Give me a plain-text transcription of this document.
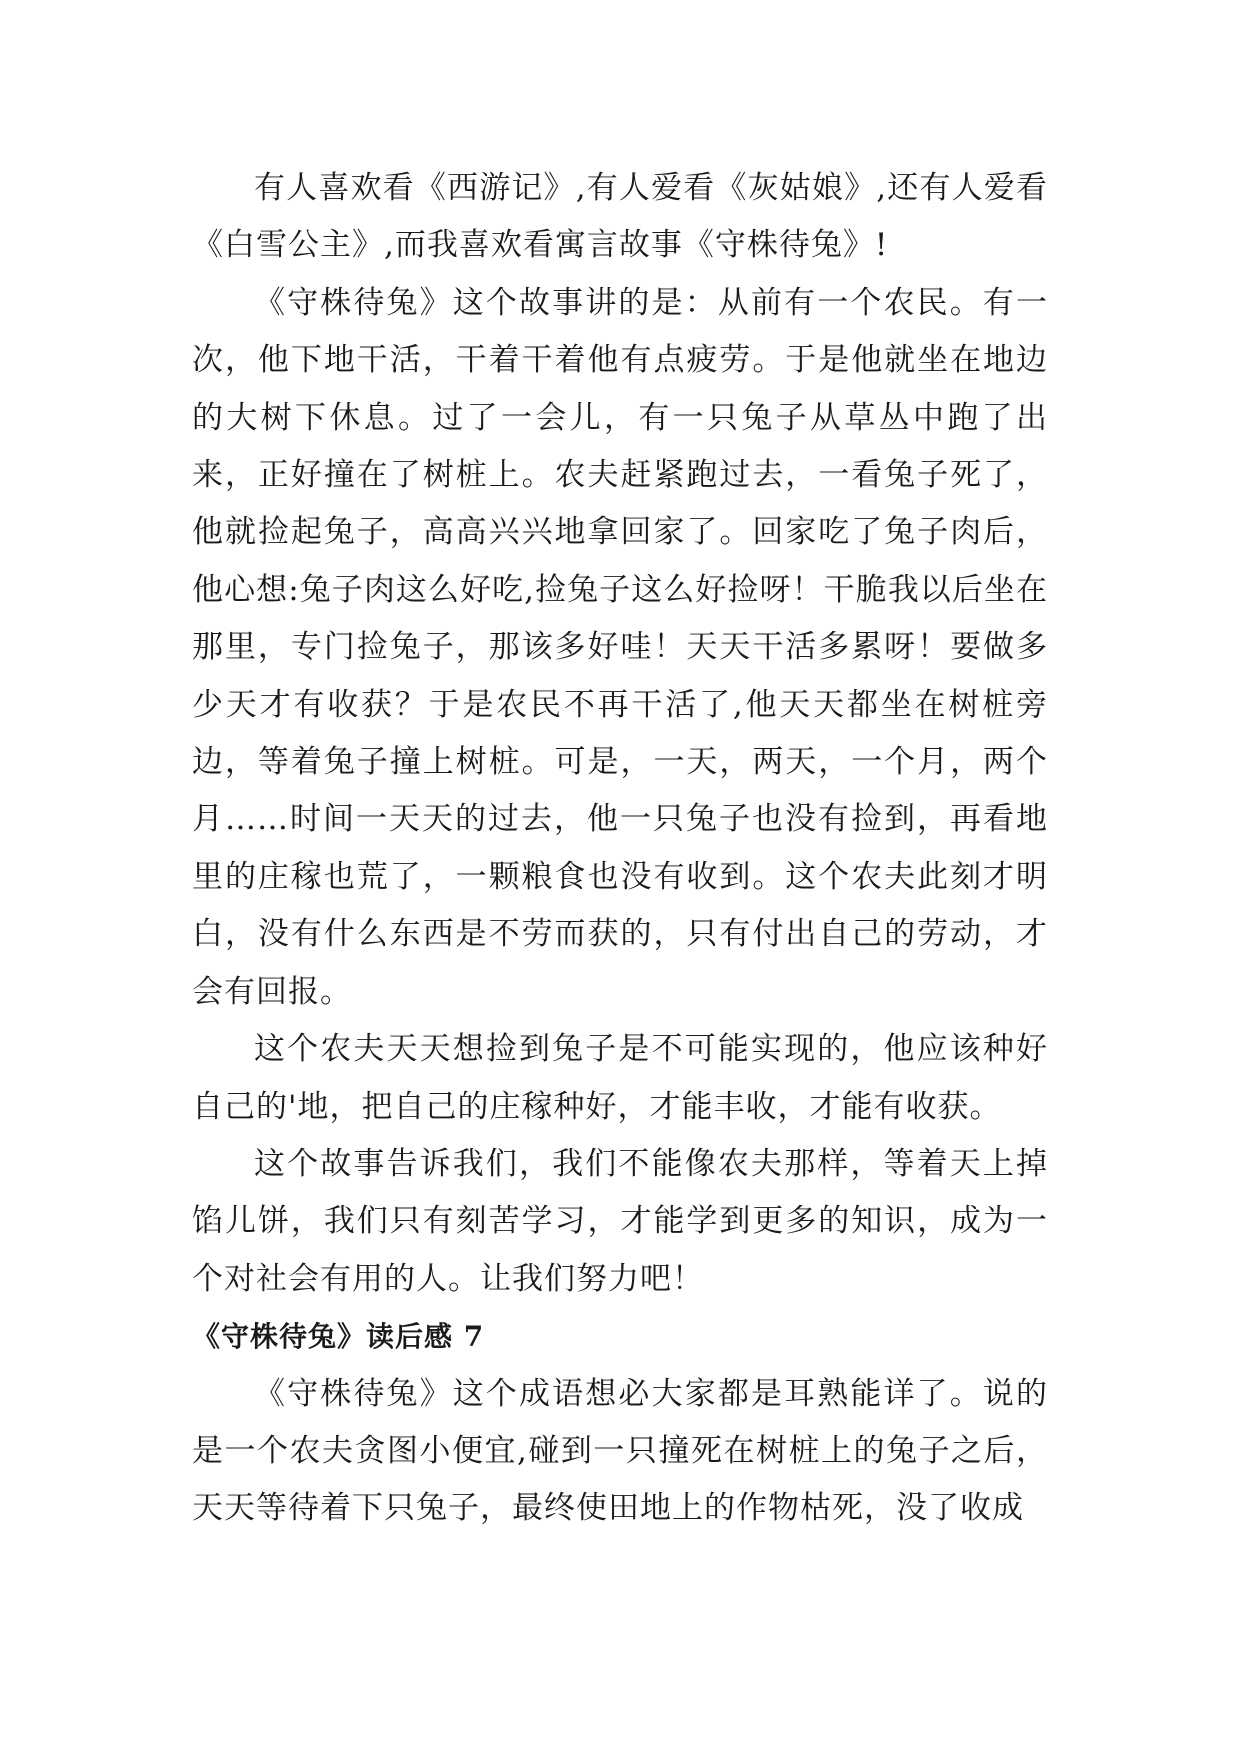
有人喜欢看《西游记》,有人爱看《灰姑娘》,还有人爱看《白雪公主》,而我喜欢看寓言故事《守株待兔》!

《守株待兔》这个故事讲的是：从前有一个农民。有一次，他下地干活，干着干着他有点疲劳。于是他就坐在地边的大树下休息。过了一会儿，有一只兔子从草丛中跑了出来，正好撞在了树桩上。农夫赶紧跑过去，一看兔子死了，他就捡起兔子，高高兴兴地拿回家了。回家吃了兔子肉后，他心想:兔子肉这么好吃,捡兔子这么好捡呀！干脆我以后坐在那里，专门捡兔子，那该多好哇！天天干活多累呀！要做多少天才有收获？于是农民不再干活了,他天天都坐在树桩旁边，等着兔子撞上树桩。可是，一天，两天，一个月，两个月……时间一天天的过去，他一只兔子也没有捡到，再看地里的庄稼也荒了，一颗粮食也没有收到。这个农夫此刻才明白，没有什么东西是不劳而获的，只有付出自己的劳动，才会有回报。

这个农夫天天想捡到兔子是不可能实现的，他应该种好自己的'地，把自己的庄稼种好，才能丰收，才能有收获。

这个故事告诉我们，我们不能像农夫那样，等着天上掉馅儿饼，我们只有刻苦学习，才能学到更多的知识，成为一个对社会有用的人。让我们努力吧！

《守株待兔》读后感 7

《守株待兔》这个成语想必大家都是耳熟能详了。说的是一个农夫贪图小便宜,碰到一只撞死在树桩上的兔子之后，天天等待着下只兔子，最终使田地上的作物枯死，没了收成
